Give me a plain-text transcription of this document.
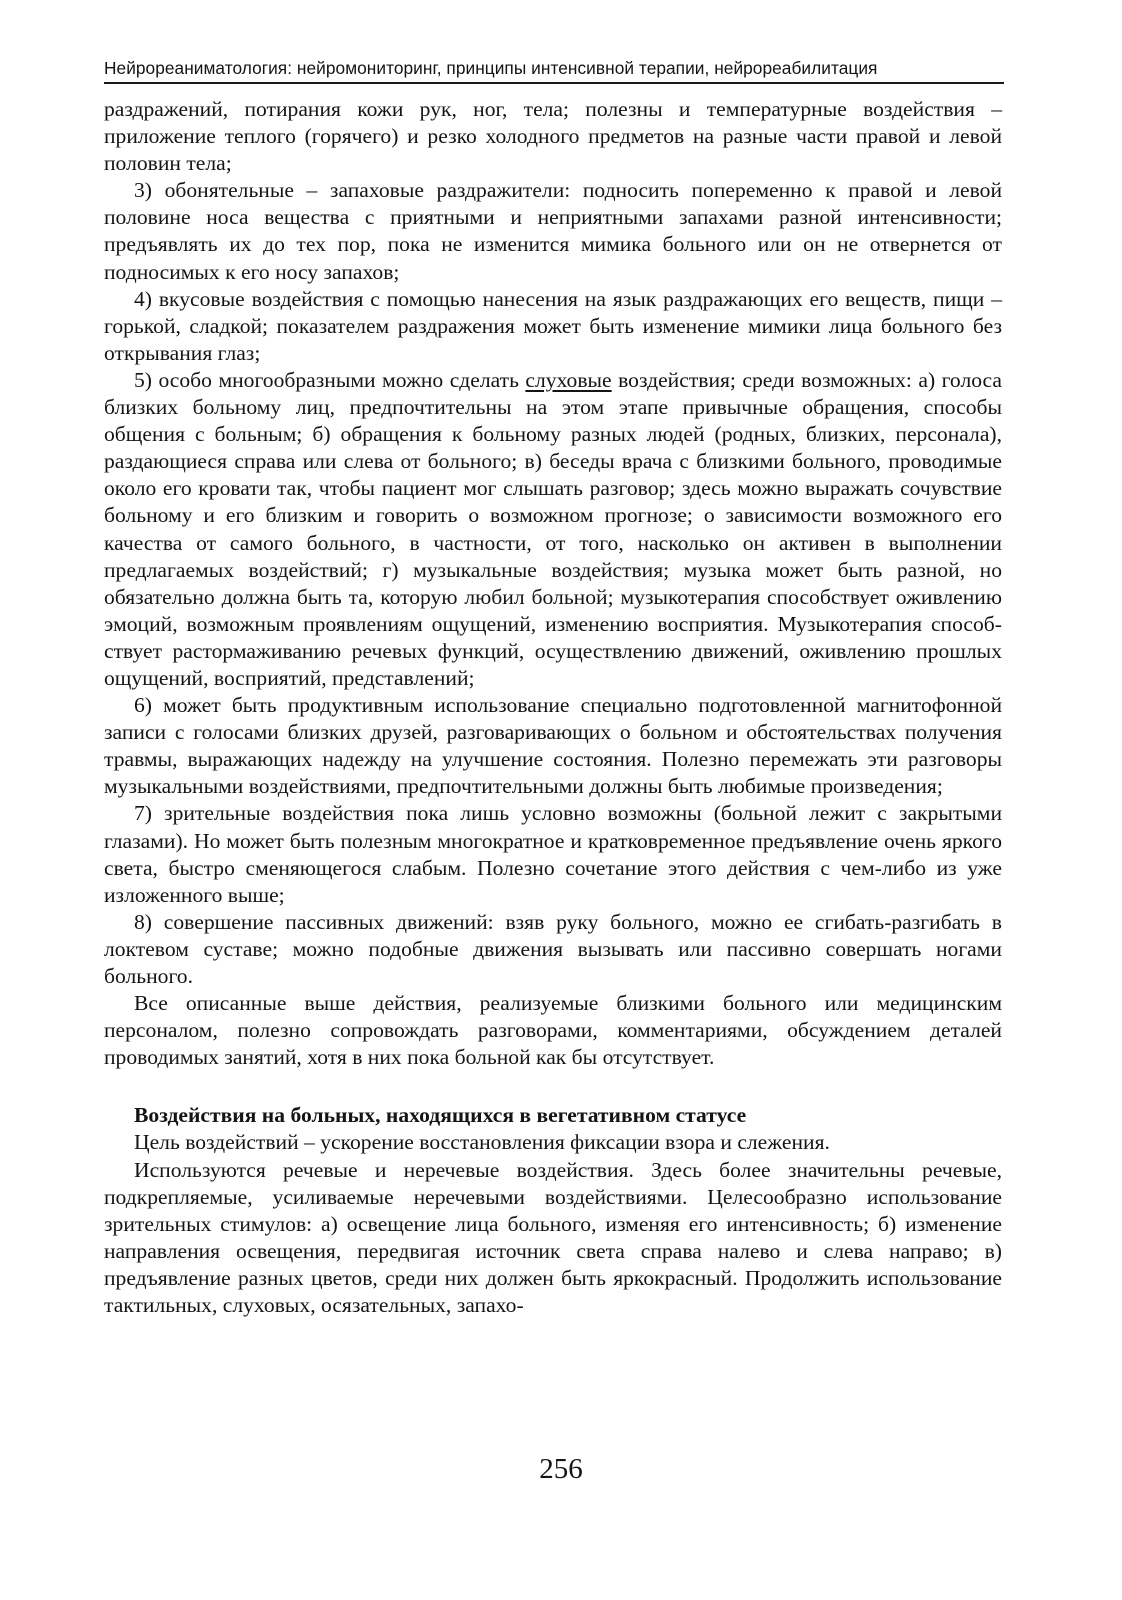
Нейрореаниматология: нейромониторинг, принципы интенсивной терапии, нейрореабилитация

раздражений, потирания кожи рук, ног, тела; полезны и температурные воздействия – приложение теплого (горячего) и резко холодного предметов на разные части правой и левой половин тела;

3) обонятельные – запаховые раздражители: подносить попеременно к правой и левой половине носа вещества с приятными и неприятными запахами разной интенсивности; предъявлять их до тех пор, пока не изменится мимика больного или он не отвернется от подносимых к его носу запахов;

4) вкусовые воздействия с помощью нанесения на язык раздражающих его веществ, пищи – горькой, сладкой; показателем раздражения может быть изменение мимики лица больного без открывания глаз;

5) особо многообразными можно сделать слуховые воздействия; среди возможных: а) голоса близких больному лиц, предпочтительны на этом этапе привычные обращения, способы общения с больным; б) обращения к больному разных людей (родных, близких, персонала), раздающиеся справа или слева от больного; в) беседы врача с близкими больного, проводимые около его кровати так, чтобы пациент мог слышать разговор; здесь можно выражать сочувствие больному и его близким и говорить о возможном прогнозе; о зависимости возможного его качества от самого больного, в частности, от того, насколько он активен в выполнении предлагаемых воздействий; г) музыкальные воздействия; музыка может быть разной, но обязательно должна быть та, которую любил больной; музыкотерапия способствует оживлению эмоций, возможным проявлениям ощущений, изменению восприятия. Музыкотерапия способствует растормаживанию речевых функций, осуществлению движений, оживлению прошлых ощущений, восприятий, представлений;

6) может быть продуктивным использование специально подготовленной магнитофонной записи с голосами близких друзей, разговаривающих о больном и обстоятельствах получения травмы, выражающих надежду на улучшение состояния. Полезно перемежать эти разговоры музыкальными воздействиями, предпочтительными должны быть любимые произведения;

7) зрительные воздействия пока лишь условно возможны (больной лежит с закрытыми глазами). Но может быть полезным многократное и кратковременное предъявление очень яркого света, быстро сменяющегося слабым. Полезно сочетание этого действия с чем-либо из уже изложенного выше;

8) совершение пассивных движений: взяв руку больного, можно ее сгибать-разгибать в локтевом суставе; можно подобные движения вызывать или пассивно совершать ногами больного.

Все описанные выше действия, реализуемые близкими больного или медицинским персоналом, полезно сопровождать разговорами, комментариями, обсуждением деталей проводимых занятий, хотя в них пока больной как бы отсутствует.

Воздействия на больных, находящихся в вегетативном статусе

Цель воздействий – ускорение восстановления фиксации взора и слежения.

Используются речевые и неречевые воздействия. Здесь более значительны речевые, подкрепляемые, усиливаемые неречевыми воздействиями. Целесообразно использование зрительных стимулов: а) освещение лица больного, изменяя его интенсивность; б) изменение направления освещения, передвигая источник света справа налево и слева направо; в) предъявление разных цветов, среди них должен быть яркокрасный. Продолжить использование тактильных, слуховых, осязательных, запахо-

256
